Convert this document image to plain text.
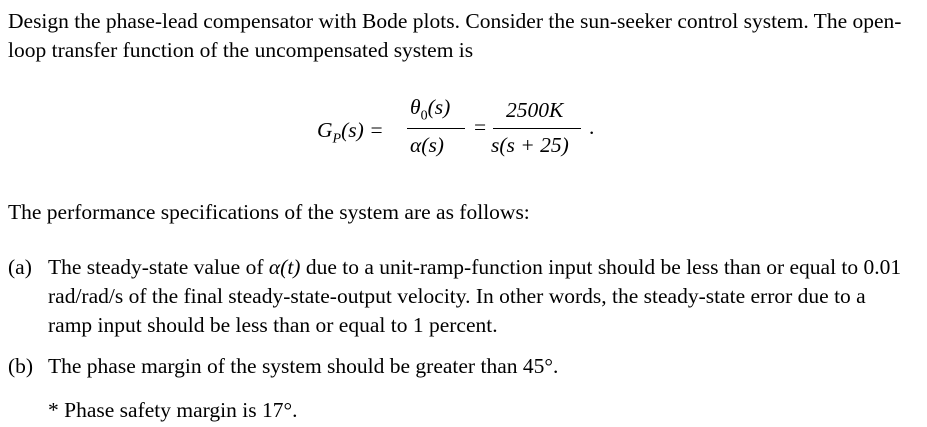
Design the phase-lead compensator with Bode plots. Consider the sun-seeker control system. The open-loop transfer function of the uncompensated system is

$G_P(s)$ =
$\theta_0(s)$
α(s)
=
2500K
s(s + 25)
.

The performance specifications of the system are as follows:

(a) The steady-state value of α(t) due to a unit-ramp-function input should be less than or equal to 0.01 rad/rad/s of the final steady-state-output velocity. In other words, the steady-state error due to a ramp input should be less than or equal to 1 percent.
(b) The phase margin of the system should be greater than 45°.
* Phase safety margin is 17°.
